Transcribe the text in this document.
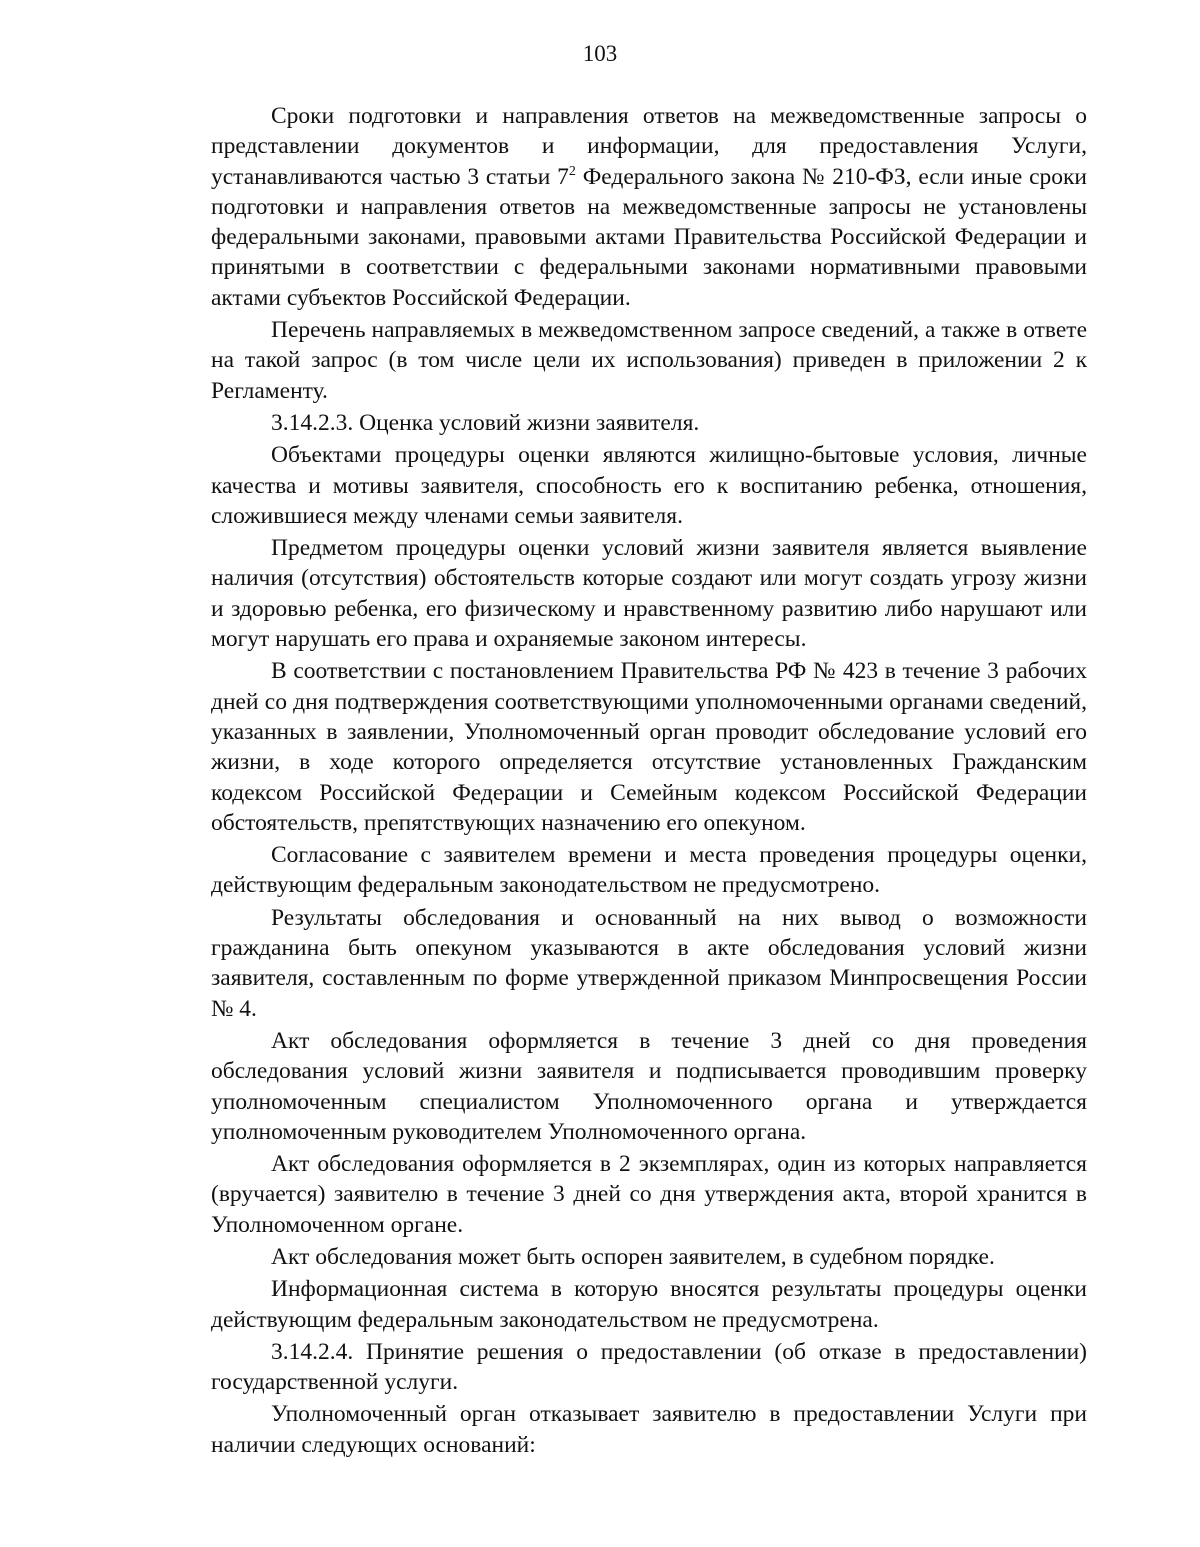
103

Сроки подготовки и направления ответов на межведомственные запросы о представлении документов и информации, для предоставления Услуги, устанавливаются частью 3 статьи $7^2$ Федерального закона № 210-ФЗ, если иные сроки подготовки и направления ответов на межведомственные запросы не установлены федеральными законами, правовыми актами Правительства Российской Федерации и принятыми в соответствии с федеральными законами нормативными правовыми актами субъектов Российской Федерации.

Перечень направляемых в межведомственном запросе сведений, а также в ответе на такой запрос (в том числе цели их использования) приведен в приложении 2 к Регламенту.

3.14.2.3. Оценка условий жизни заявителя.

Объектами процедуры оценки являются жилищно-бытовые условия, личные качества и мотивы заявителя, способность его к воспитанию ребенка, отношения, сложившиеся между членами семьи заявителя.

Предметом процедуры оценки условий жизни заявителя является выявление наличия (отсутствия) обстоятельств которые создают или могут создать угрозу жизни и здоровью ребенка, его физическому и нравственному развитию либо нарушают или могут нарушать его права и охраняемые законом интересы.

В соответствии с постановлением Правительства РФ № 423 в течение 3 рабочих дней со дня подтверждения соответствующими уполномоченными органами сведений, указанных в заявлении, Уполномоченный орган проводит обследование условий его жизни, в ходе которого определяется отсутствие установленных Гражданским кодексом Российской Федерации и Семейным кодексом Российской Федерации обстоятельств, препятствующих назначению его опекуном.

Согласование с заявителем времени и места проведения процедуры оценки, действующим федеральным законодательством не предусмотрено.

Результаты обследования и основанный на них вывод о возможности гражданина быть опекуном указываются в акте обследования условий жизни заявителя, составленным по форме утвержденной приказом Минпросвещения России № 4.

Акт обследования оформляется в течение 3 дней со дня проведения обследования условий жизни заявителя и подписывается проводившим проверку уполномоченным специалистом Уполномоченного органа и утверждается уполномоченным руководителем Уполномоченного органа.

Акт обследования оформляется в 2 экземплярах, один из которых направляется (вручается) заявителю в течение 3 дней со дня утверждения акта, второй хранится в Уполномоченном органе.

Акт обследования может быть оспорен заявителем, в судебном порядке.

Информационная система в которую вносятся результаты процедуры оценки действующим федеральным законодательством не предусмотрена.

3.14.2.4. Принятие решения о предоставлении (об отказе в предоставлении) государственной услуги.

Уполномоченный орган отказывает заявителю в предоставлении Услуги при наличии следующих оснований:
